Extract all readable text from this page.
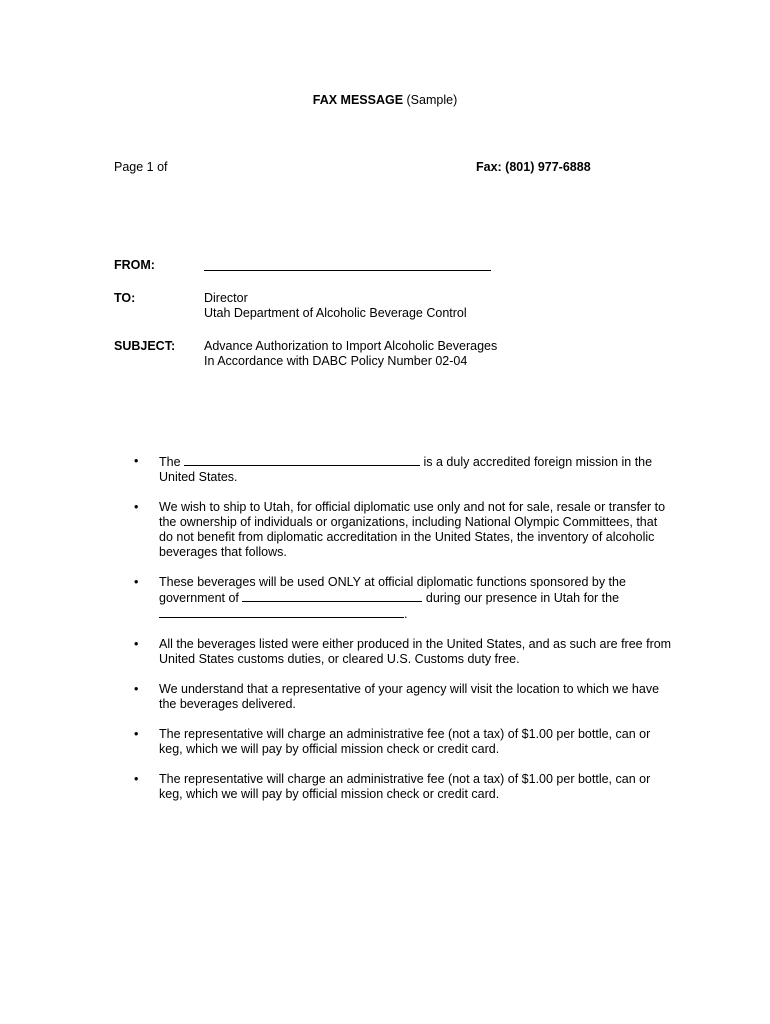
FAX MESSAGE (Sample)
Page 1 of	Fax: (801) 977-6888
FROM:
TO:	Director
Utah Department of Alcoholic Beverage Control
SUBJECT: Advance Authorization to Import Alcoholic Beverages
In Accordance with DABC Policy Number 02-04
• The	is a duly accredited foreign mission in the United States.
• We wish to ship to Utah, for official diplomatic use only and not for sale, resale or transfer to the ownership of individuals or organizations, including National Olympic Committees, that do not benefit from diplomatic accreditation in the United States, the inventory of alcoholic beverages that follows.
• These beverages will be used ONLY at official diplomatic functions sponsored by the government of	during our presence in Utah for the .
• All the beverages listed were either produced in the United States, and as such are free from United States customs duties, or cleared U.S. Customs duty free.
• We understand that a representative of your agency will visit the location to which we have the beverages delivered.
• The representative will charge an administrative fee (not a tax) of $1.00 per bottle, can or keg, which we will pay by official mission check or credit card.
• The representative will charge an administrative fee (not a tax) of $1.00 per bottle, can or keg, which we will pay by official mission check or credit card.
